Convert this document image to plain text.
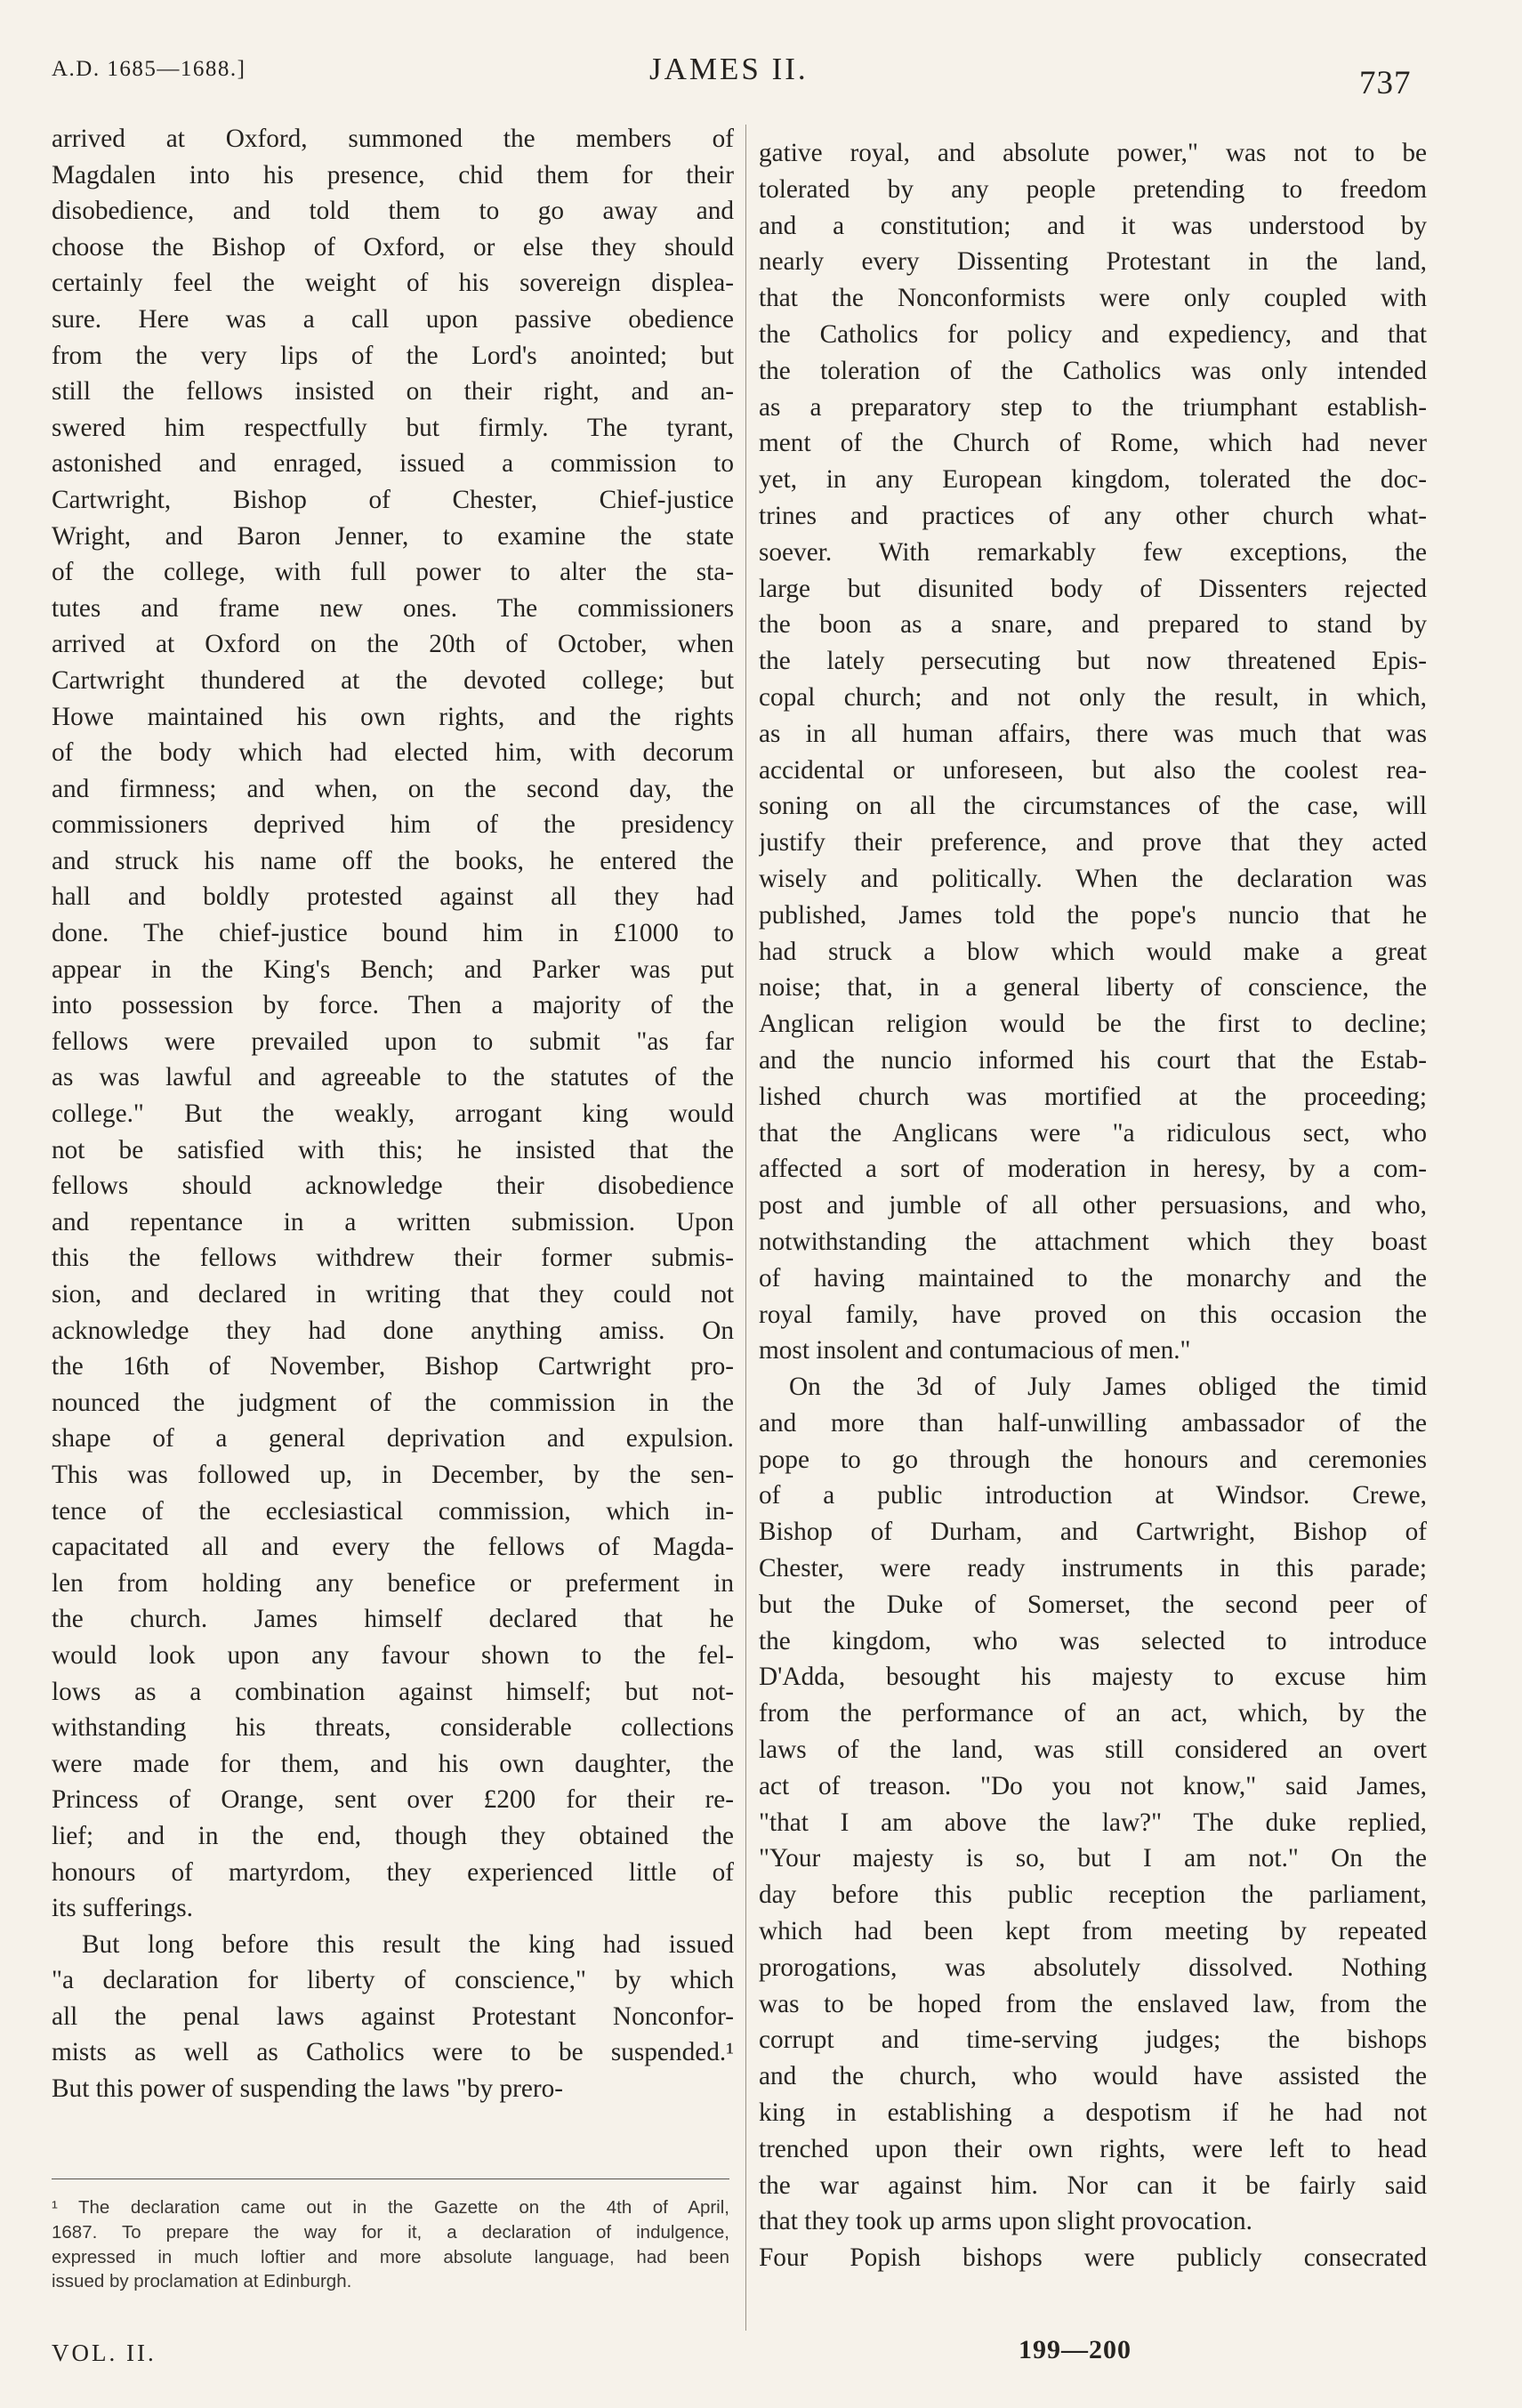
A.D. 1685—1688.]	JAMES II.	737
arrived at Oxford, summoned the members of
Magdalen into his presence, chid them for their
disobedience, and told them to go away and
choose the Bishop of Oxford, or else they should
certainly feel the weight of his sovereign displea-
sure. Here was a call upon passive obedience
from the very lips of the Lord's anointed; but
still the fellows insisted on their right, and an-
swered him respectfully but firmly. The tyrant,
astonished and enraged, issued a commission to
Cartwright, Bishop of Chester, Chief-justice
Wright, and Baron Jenner, to examine the state
of the college, with full power to alter the sta-
tutes and frame new ones. The commissioners
arrived at Oxford on the 20th of October, when
Cartwright thundered at the devoted college; but
Howe maintained his own rights, and the rights
of the body which had elected him, with decorum
and firmness; and when, on the second day, the
commissioners deprived him of the presidency
and struck his name off the books, he entered the
hall and boldly protested against all they had
done. The chief-justice bound him in £1000 to
appear in the King's Bench; and Parker was put
into possession by force. Then a majority of the
fellows were prevailed upon to submit "as far
as was lawful and agreeable to the statutes of the
college." But the weakly, arrogant king would
not be satisfied with this; he insisted that the
fellows should acknowledge their disobedience
and repentance in a written submission. Upon
this the fellows withdrew their former submis-
sion, and declared in writing that they could not
acknowledge they had done anything amiss. On
the 16th of November, Bishop Cartwright pro-
nounced the judgment of the commission in the
shape of a general deprivation and expulsion.
This was followed up, in December, by the sen-
tence of the ecclesiastical commission, which in-
capacitated all and every the fellows of Magda-
len from holding any benefice or preferment in
the church. James himself declared that he
would look upon any favour shown to the fel-
lows as a combination against himself; but not-
withstanding his threats, considerable collections
were made for them, and his own daughter, the
Princess of Orange, sent over £200 for their re-
lief; and in the end, though they obtained the
honours of martyrdom, they experienced little of
its sufferings.
But long before this result the king had issued
"a declaration for liberty of conscience," by which
all the penal laws against Protestant Nonconfor-
mists as well as Catholics were to be suspended.¹
But this power of suspending the laws "by prero-
gative royal, and absolute power," was not to be
tolerated by any people pretending to freedom
and a constitution; and it was understood by
nearly every Dissenting Protestant in the land,
that the Nonconformists were only coupled with
the Catholics for policy and expediency, and that
the toleration of the Catholics was only intended
as a preparatory step to the triumphant establish-
ment of the Church of Rome, which had never
yet, in any European kingdom, tolerated the doc-
trines and practices of any other church what-
soever. With remarkably few exceptions, the
large but disunited body of Dissenters rejected
the boon as a snare, and prepared to stand by
the lately persecuting but now threatened Epis-
copal church; and not only the result, in which,
as in all human affairs, there was much that was
accidental or unforeseen, but also the coolest rea-
soning on all the circumstances of the case, will
justify their preference, and prove that they acted
wisely and politically. When the declaration was
published, James told the pope's nuncio that he
had struck a blow which would make a great
noise; that, in a general liberty of conscience, the
Anglican religion would be the first to decline;
and the nuncio informed his court that the Estab-
lished church was mortified at the proceeding;
that the Anglicans were "a ridiculous sect, who
affected a sort of moderation in heresy, by a com-
post and jumble of all other persuasions, and who,
notwithstanding the attachment which they boast
of having maintained to the monarchy and the
royal family, have proved on this occasion the
most insolent and contumacious of men."
On the 3d of July James obliged the timid
and more than half-unwilling ambassador of the
pope to go through the honours and ceremonies
of a public introduction at Windsor. Crewe,
Bishop of Durham, and Cartwright, Bishop of
Chester, were ready instruments in this parade;
but the Duke of Somerset, the second peer of
the kingdom, who was selected to introduce
D'Adda, besought his majesty to excuse him
from the performance of an act, which, by the
laws of the land, was still considered an overt
act of treason. "Do you not know," said James,
"that I am above the law?" The duke replied,
"Your majesty is so, but I am not." On the
day before this public reception the parliament,
which had been kept from meeting by repeated
prorogations, was absolutely dissolved. Nothing
was to be hoped from the enslaved law, from the
corrupt and time-serving judges; the bishops
and the church, who would have assisted the
king in establishing a despotism if he had not
trenched upon their own rights, were left to head
the war against him. Nor can it be fairly said
that they took up arms upon slight provocation.
Four Popish bishops were publicly consecrated
¹ The declaration came out in the Gazette on the 4th of April,
1687. To prepare the way for it, a declaration of indulgence,
expressed in much loftier and more absolute language, had been
issued by proclamation at Edinburgh.
VOL. II.	199—200
